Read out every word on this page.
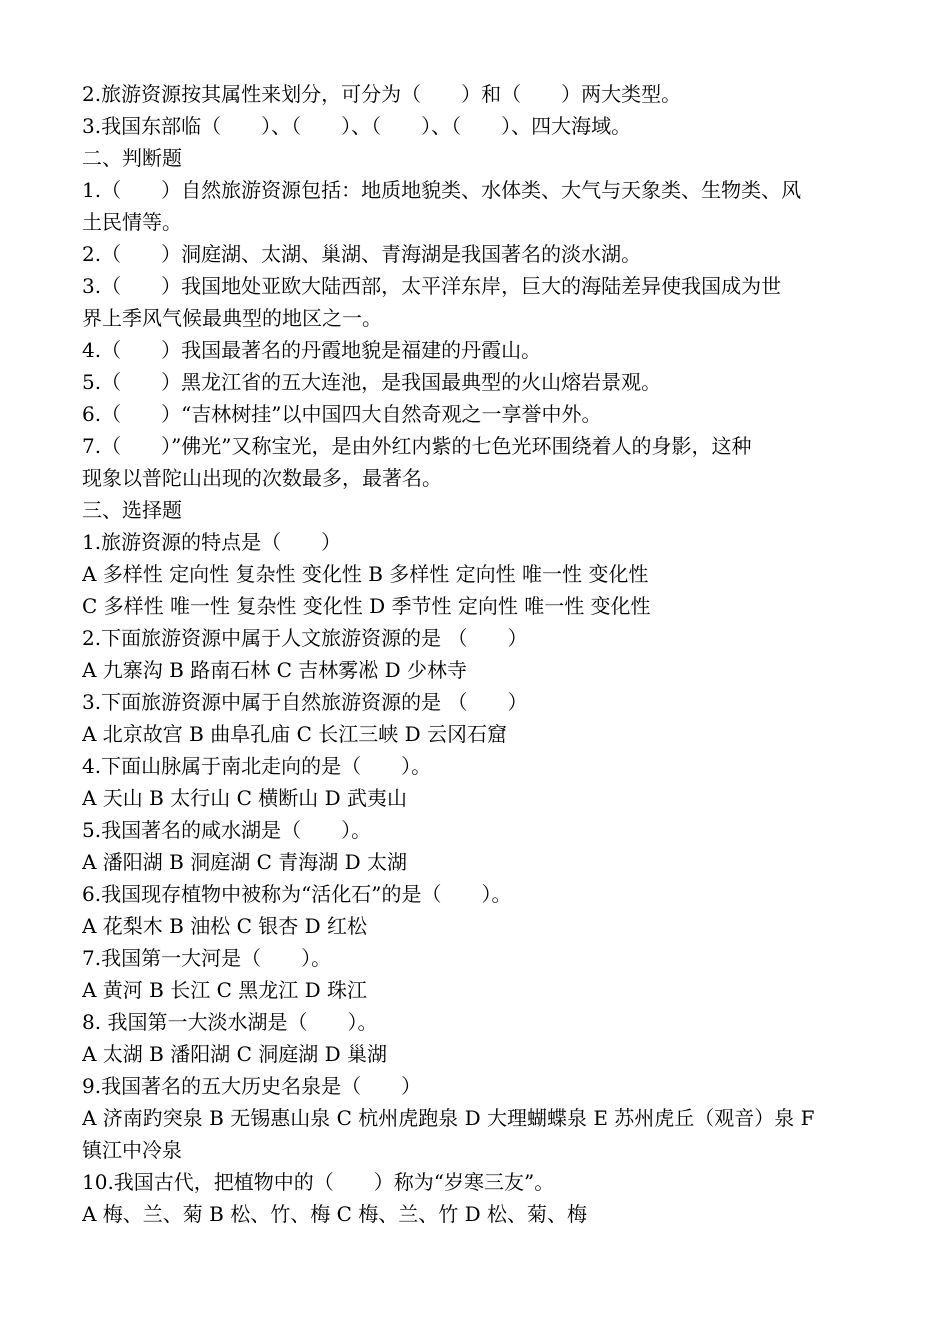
2.旅游资源按其属性来划分，可分为（　　）和（　　）两大类型。
3.我国东部临（　　）、（　　）、（　　）、（　　）、四大海域。
二、判断题
1.（　　）自然旅游资源包括：地质地貌类、水体类、大气与天象类、生物类、风
土民情等。
2.（　　）洞庭湖、太湖、巢湖、青海湖是我国著名的淡水湖。
3.（　　）我国地处亚欧大陆西部，太平洋东岸，巨大的海陆差异使我国成为世
界上季风气候最典型的地区之一。
4.（　　）我国最著名的丹霞地貌是福建的丹霞山。
5.（　　）黑龙江省的五大连池，是我国最典型的火山熔岩景观。
6.（　　）“吉林树挂”以中国四大自然奇观之一享誉中外。
7.（　　）”佛光”又称宝光，是由外红内紫的七色光环围绕着人的身影，这种
现象以普陀山出现的次数最多，最著名。
三、选择题
1.旅游资源的特点是（　　）
A 多样性 定向性 复杂性 变化性 B 多样性 定向性 唯一性 变化性
C 多样性 唯一性 复杂性 变化性 D 季节性 定向性 唯一性 变化性
2.下面旅游资源中属于人文旅游资源的是 （　　）
A 九寨沟 B 路南石林 C 吉林雾凇 D 少林寺
3.下面旅游资源中属于自然旅游资源的是 （　　）
A 北京故宫 B 曲阜孔庙 C 长江三峡 D 云冈石窟
4.下面山脉属于南北走向的是（　　）。
A 天山 B 太行山 C 横断山 D 武夷山
5.我国著名的咸水湖是（　　）。
A 潘阳湖 B 洞庭湖 C 青海湖 D 太湖
6.我国现存植物中被称为“活化石”的是（　　）。
A 花梨木 B 油松 C 银杏 D 红松
7.我国第一大河是（　　）。
A 黄河 B 长江 C 黑龙江 D 珠江
8. 我国第一大淡水湖是（　　）。
A 太湖 B 潘阳湖 C 洞庭湖 D 巢湖
9.我国著名的五大历史名泉是（　　）
A 济南趵突泉 B 无锡惠山泉 C 杭州虎跑泉 D 大理蝴蝶泉 E 苏州虎丘（观音）泉 F
镇江中冷泉
10.我国古代，把植物中的（　　）称为“岁寒三友”。
A 梅、兰、菊 B 松、竹、梅 C 梅、兰、竹 D 松、菊、梅
